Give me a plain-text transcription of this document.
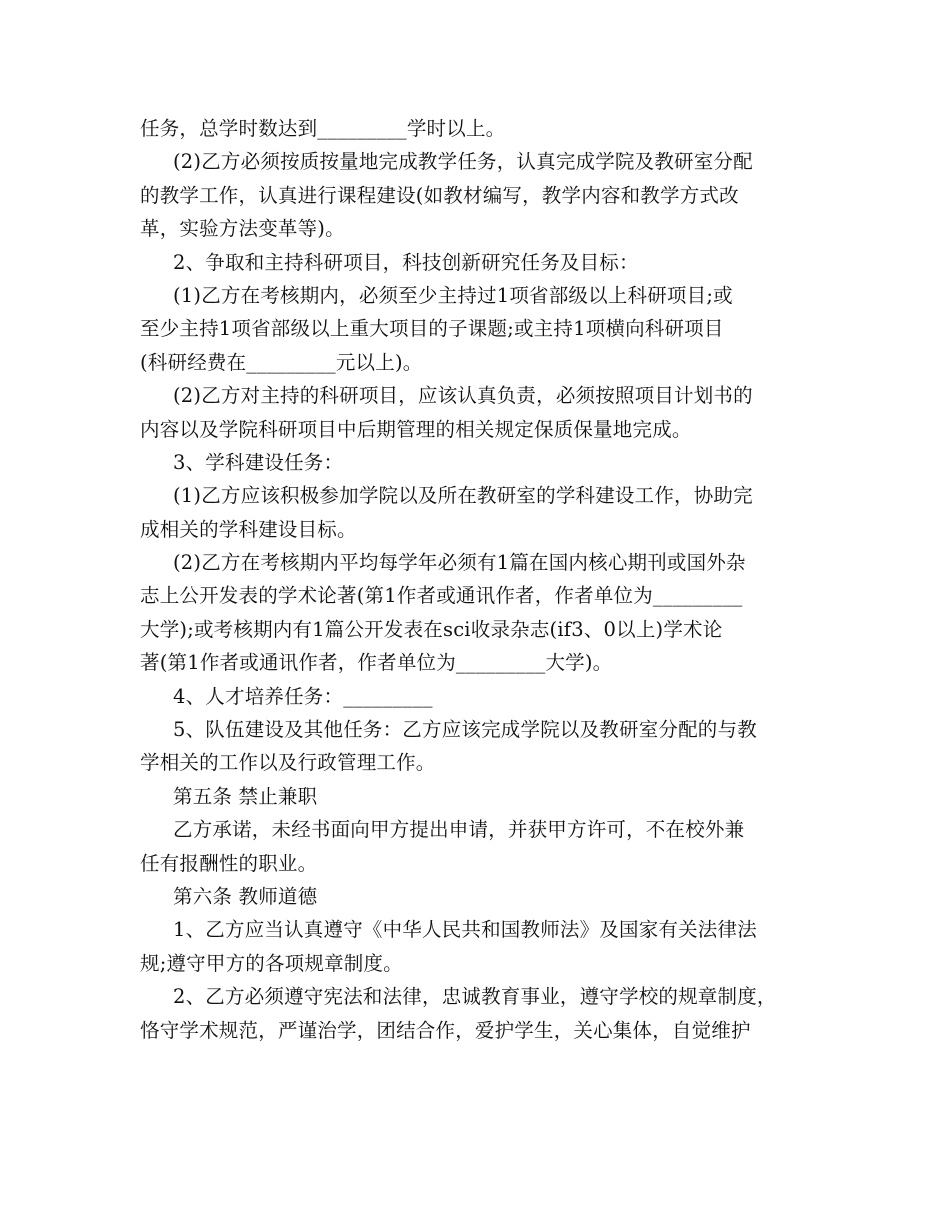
任务，总学时数达到_________学时以上。
(2)乙方必须按质按量地完成教学任务，认真完成学院及教研室分配
的教学工作，认真进行课程建设(如教材编写，教学内容和教学方式改
革，实验方法变革等)。
2、争取和主持科研项目，科技创新研究任务及目标：
(1)乙方在考核期内，必须至少主持过1项省部级以上科研项目;或
至少主持1项省部级以上重大项目的子课题;或主持1项横向科研项目
(科研经费在_________元以上)。
(2)乙方对主持的科研项目，应该认真负责，必须按照项目计划书的
内容以及学院科研项目中后期管理的相关规定保质保量地完成。
3、学科建设任务：
(1)乙方应该积极参加学院以及所在教研室的学科建设工作，协助完
成相关的学科建设目标。
(2)乙方在考核期内平均每学年必须有1篇在国内核心期刊或国外杂
志上公开发表的学术论著(第1作者或通讯作者，作者单位为_________
大学);或考核期内有1篇公开发表在sci收录杂志(if3、0以上)学术论
著(第1作者或通讯作者，作者单位为_________大学)。
4、人才培养任务：_________
5、队伍建设及其他任务：乙方应该完成学院以及教研室分配的与教
学相关的工作以及行政管理工作。
第五条 禁止兼职
乙方承诺，未经书面向甲方提出申请，并获甲方许可，不在校外兼
任有报酬性的职业。
第六条 教师道德
1、乙方应当认真遵守《中华人民共和国教师法》及国家有关法律法
规;遵守甲方的各项规章制度。
2、乙方必须遵守宪法和法律，忠诚教育事业，遵守学校的规章制度，
恪守学术规范，严谨治学，团结合作，爱护学生，关心集体，自觉维护
